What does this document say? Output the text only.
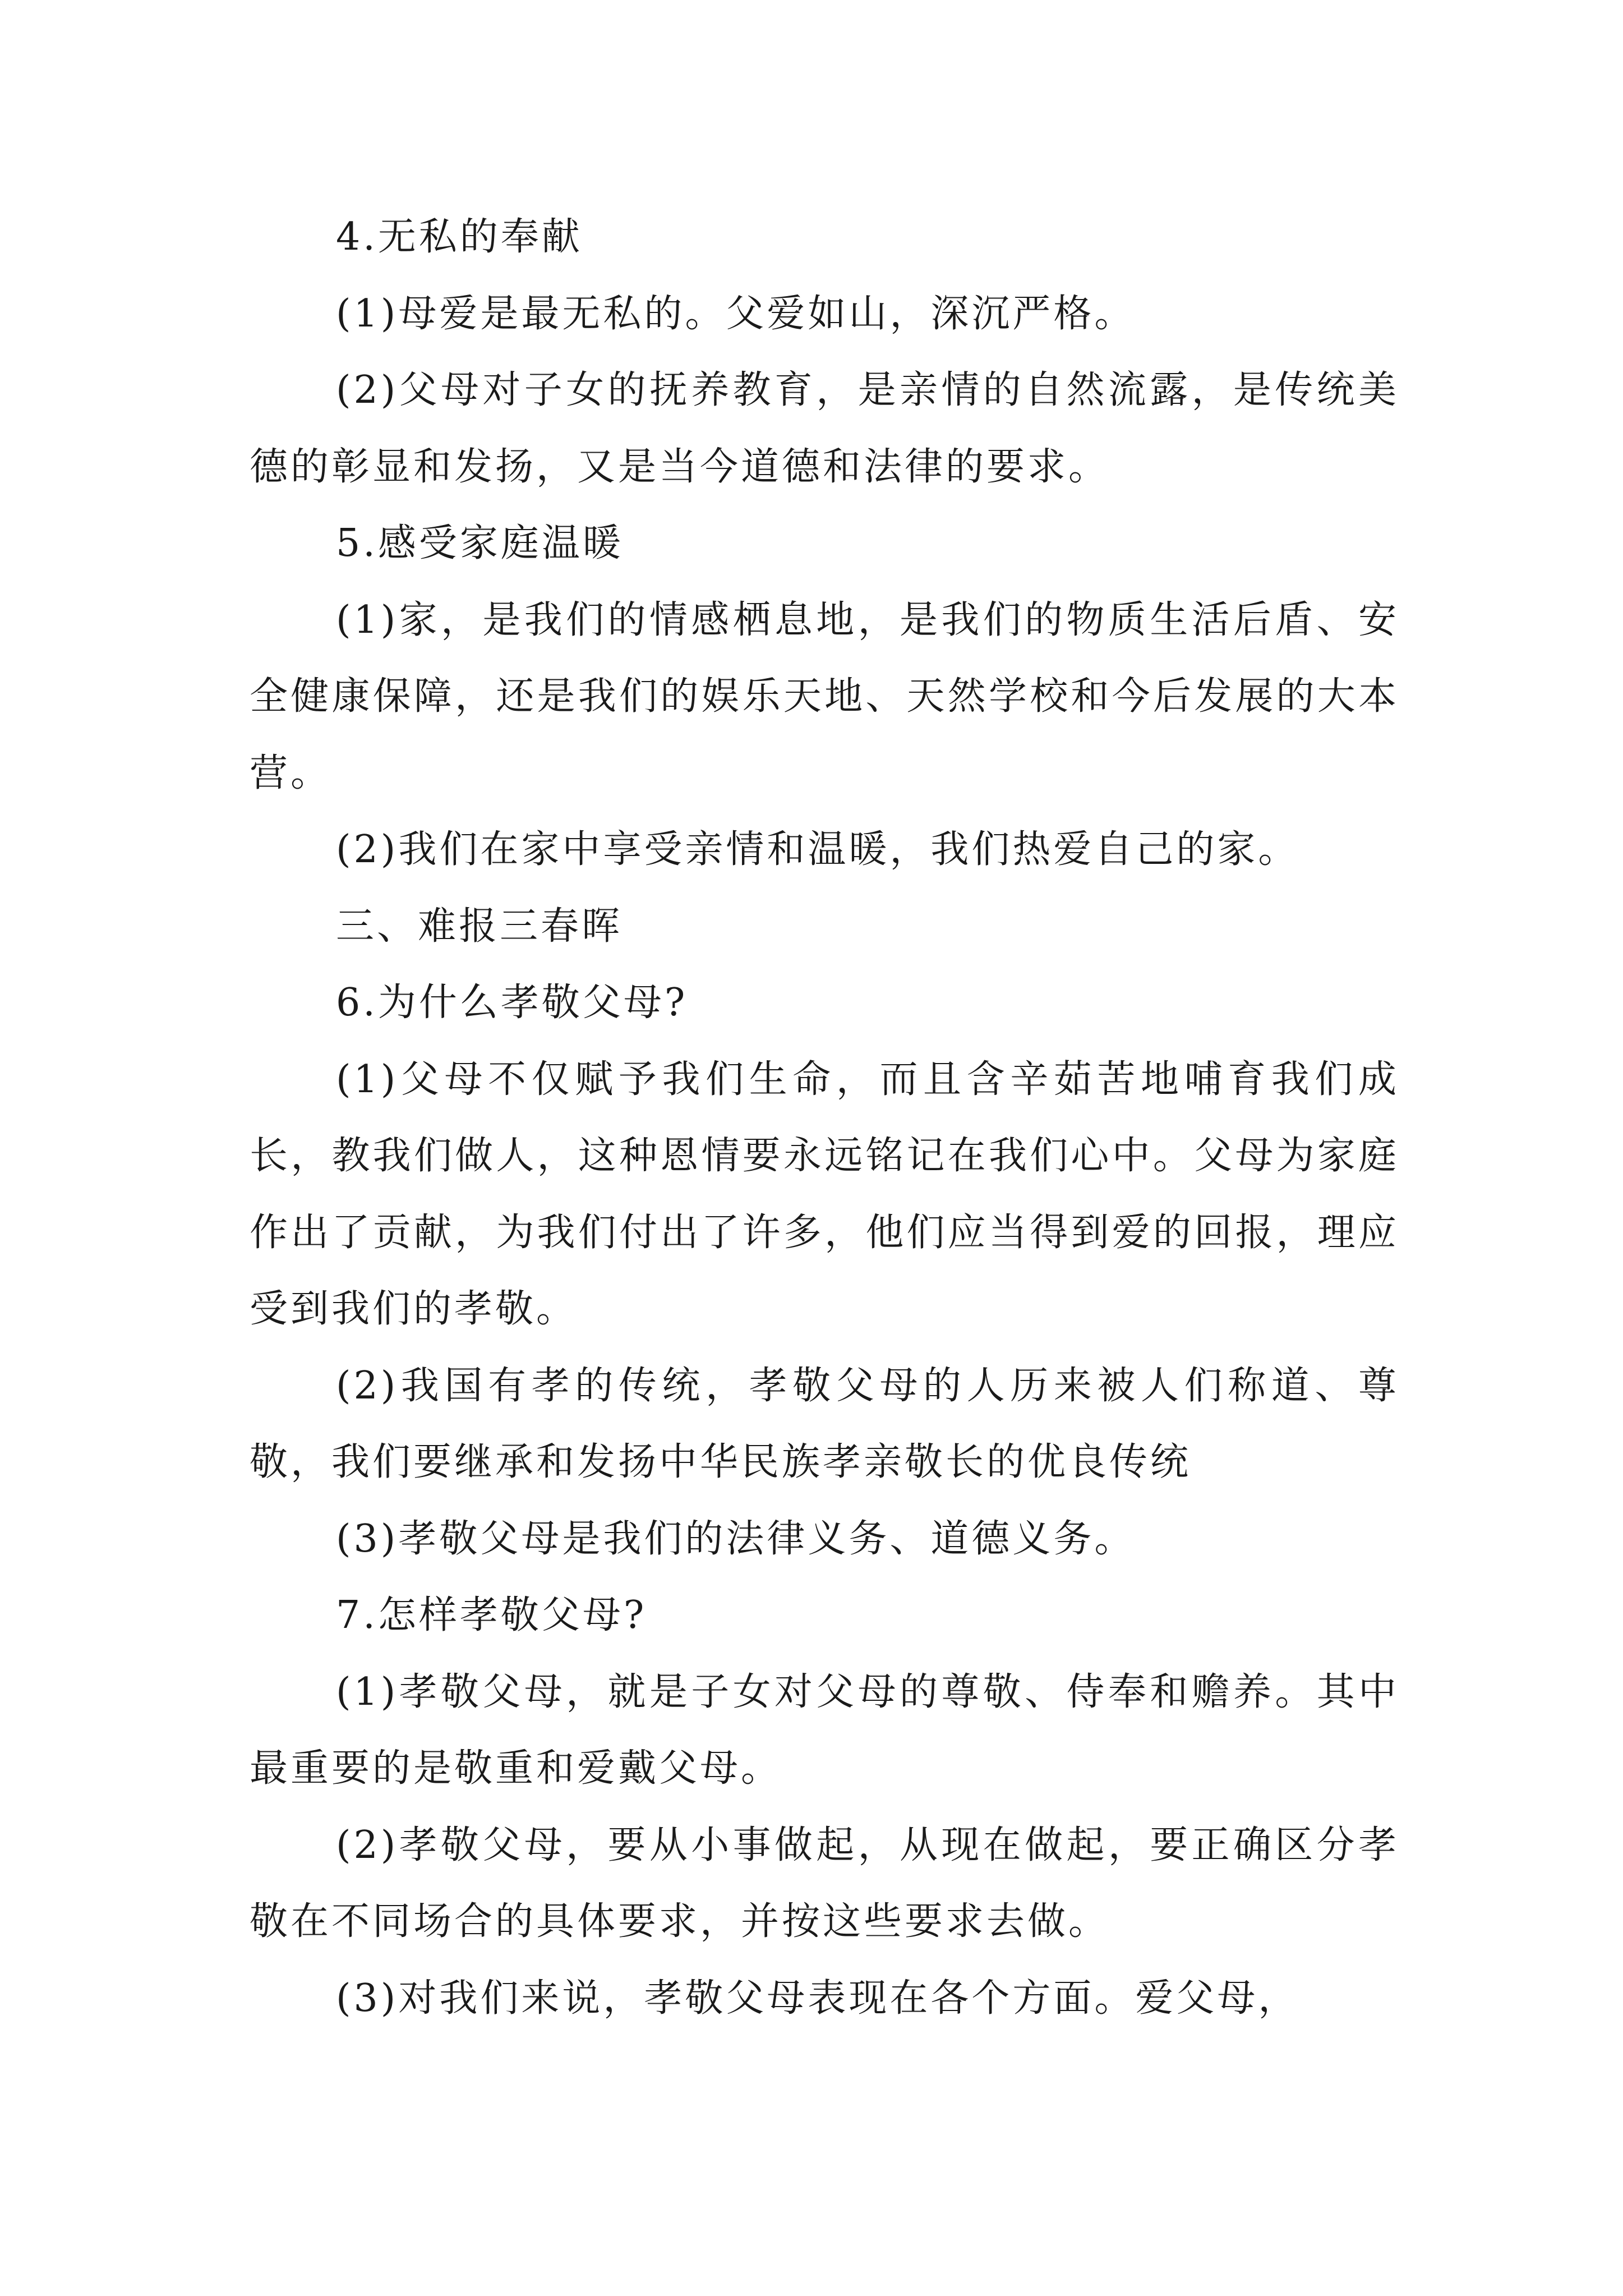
4.无私的奉献

(1)母爱是最无私的。父爱如山，深沉严格。

(2)父母对子女的抚养教育，是亲情的自然流露，是传统美德的彰显和发扬，又是当今道德和法律的要求。

5.感受家庭温暖

(1)家，是我们的情感栖息地，是我们的物质生活后盾、安全健康保障，还是我们的娱乐天地、天然学校和今后发展的大本营。

(2)我们在家中享受亲情和温暖，我们热爱自己的家。

三、难报三春晖

6.为什么孝敬父母?

(1)父母不仅赋予我们生命，而且含辛茹苦地哺育我们成长，教我们做人，这种恩情要永远铭记在我们心中。父母为家庭作出了贡献，为我们付出了许多，他们应当得到爱的回报，理应受到我们的孝敬。

(2)我国有孝的传统，孝敬父母的人历来被人们称道、尊敬，我们要继承和发扬中华民族孝亲敬长的优良传统

(3)孝敬父母是我们的法律义务、道德义务。

7.怎样孝敬父母?

(1)孝敬父母，就是子女对父母的尊敬、侍奉和赡养。其中最重要的是敬重和爱戴父母。

(2)孝敬父母，要从小事做起，从现在做起，要正确区分孝敬在不同场合的具体要求，并按这些要求去做。

(3)对我们来说，孝敬父母表现在各个方面。爱父母，
